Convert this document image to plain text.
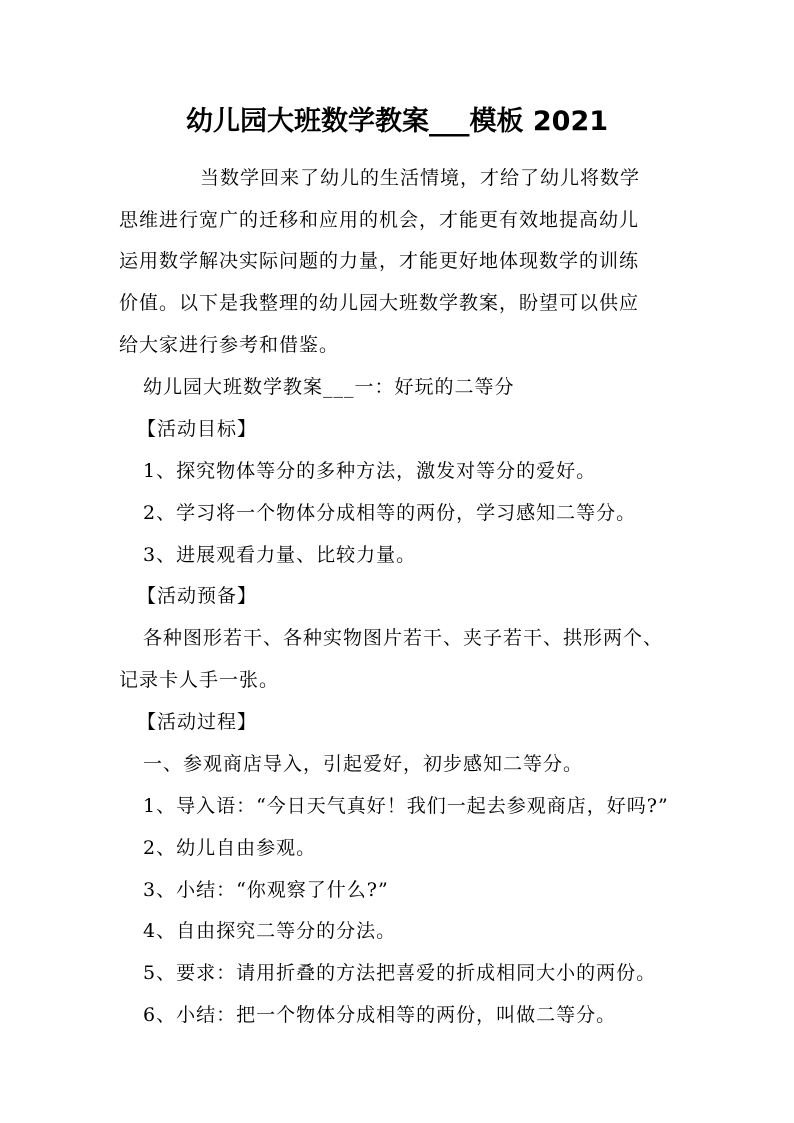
幼儿园大班数学教案___模板 2021
当数学回来了幼儿的生活情境，才给了幼儿将数学
思维进行宽广的迁移和应用的机会，才能更有效地提高幼儿
运用数学解决实际问题的力量，才能更好地体现数学的训练
价值。以下是我整理的幼儿园大班数学教案，盼望可以供应
给大家进行参考和借鉴。
幼儿园大班数学教案___一：好玩的二等分
【活动目标】
1、探究物体等分的多种方法，激发对等分的爱好。
2、学习将一个物体分成相等的两份，学习感知二等分。
3、进展观看力量、比较力量。
【活动预备】
各种图形若干、各种实物图片若干、夹子若干、拱形两个、
记录卡人手一张。
【活动过程】
一、参观商店导入，引起爱好，初步感知二等分。
1、导入语：“今日天气真好！我们一起去参观商店，好吗?”
2、幼儿自由参观。
3、小结：“你观察了什么?”
4、自由探究二等分的分法。
5、要求：请用折叠的方法把喜爱的折成相同大小的两份。
6、小结：把一个物体分成相等的两份，叫做二等分。
